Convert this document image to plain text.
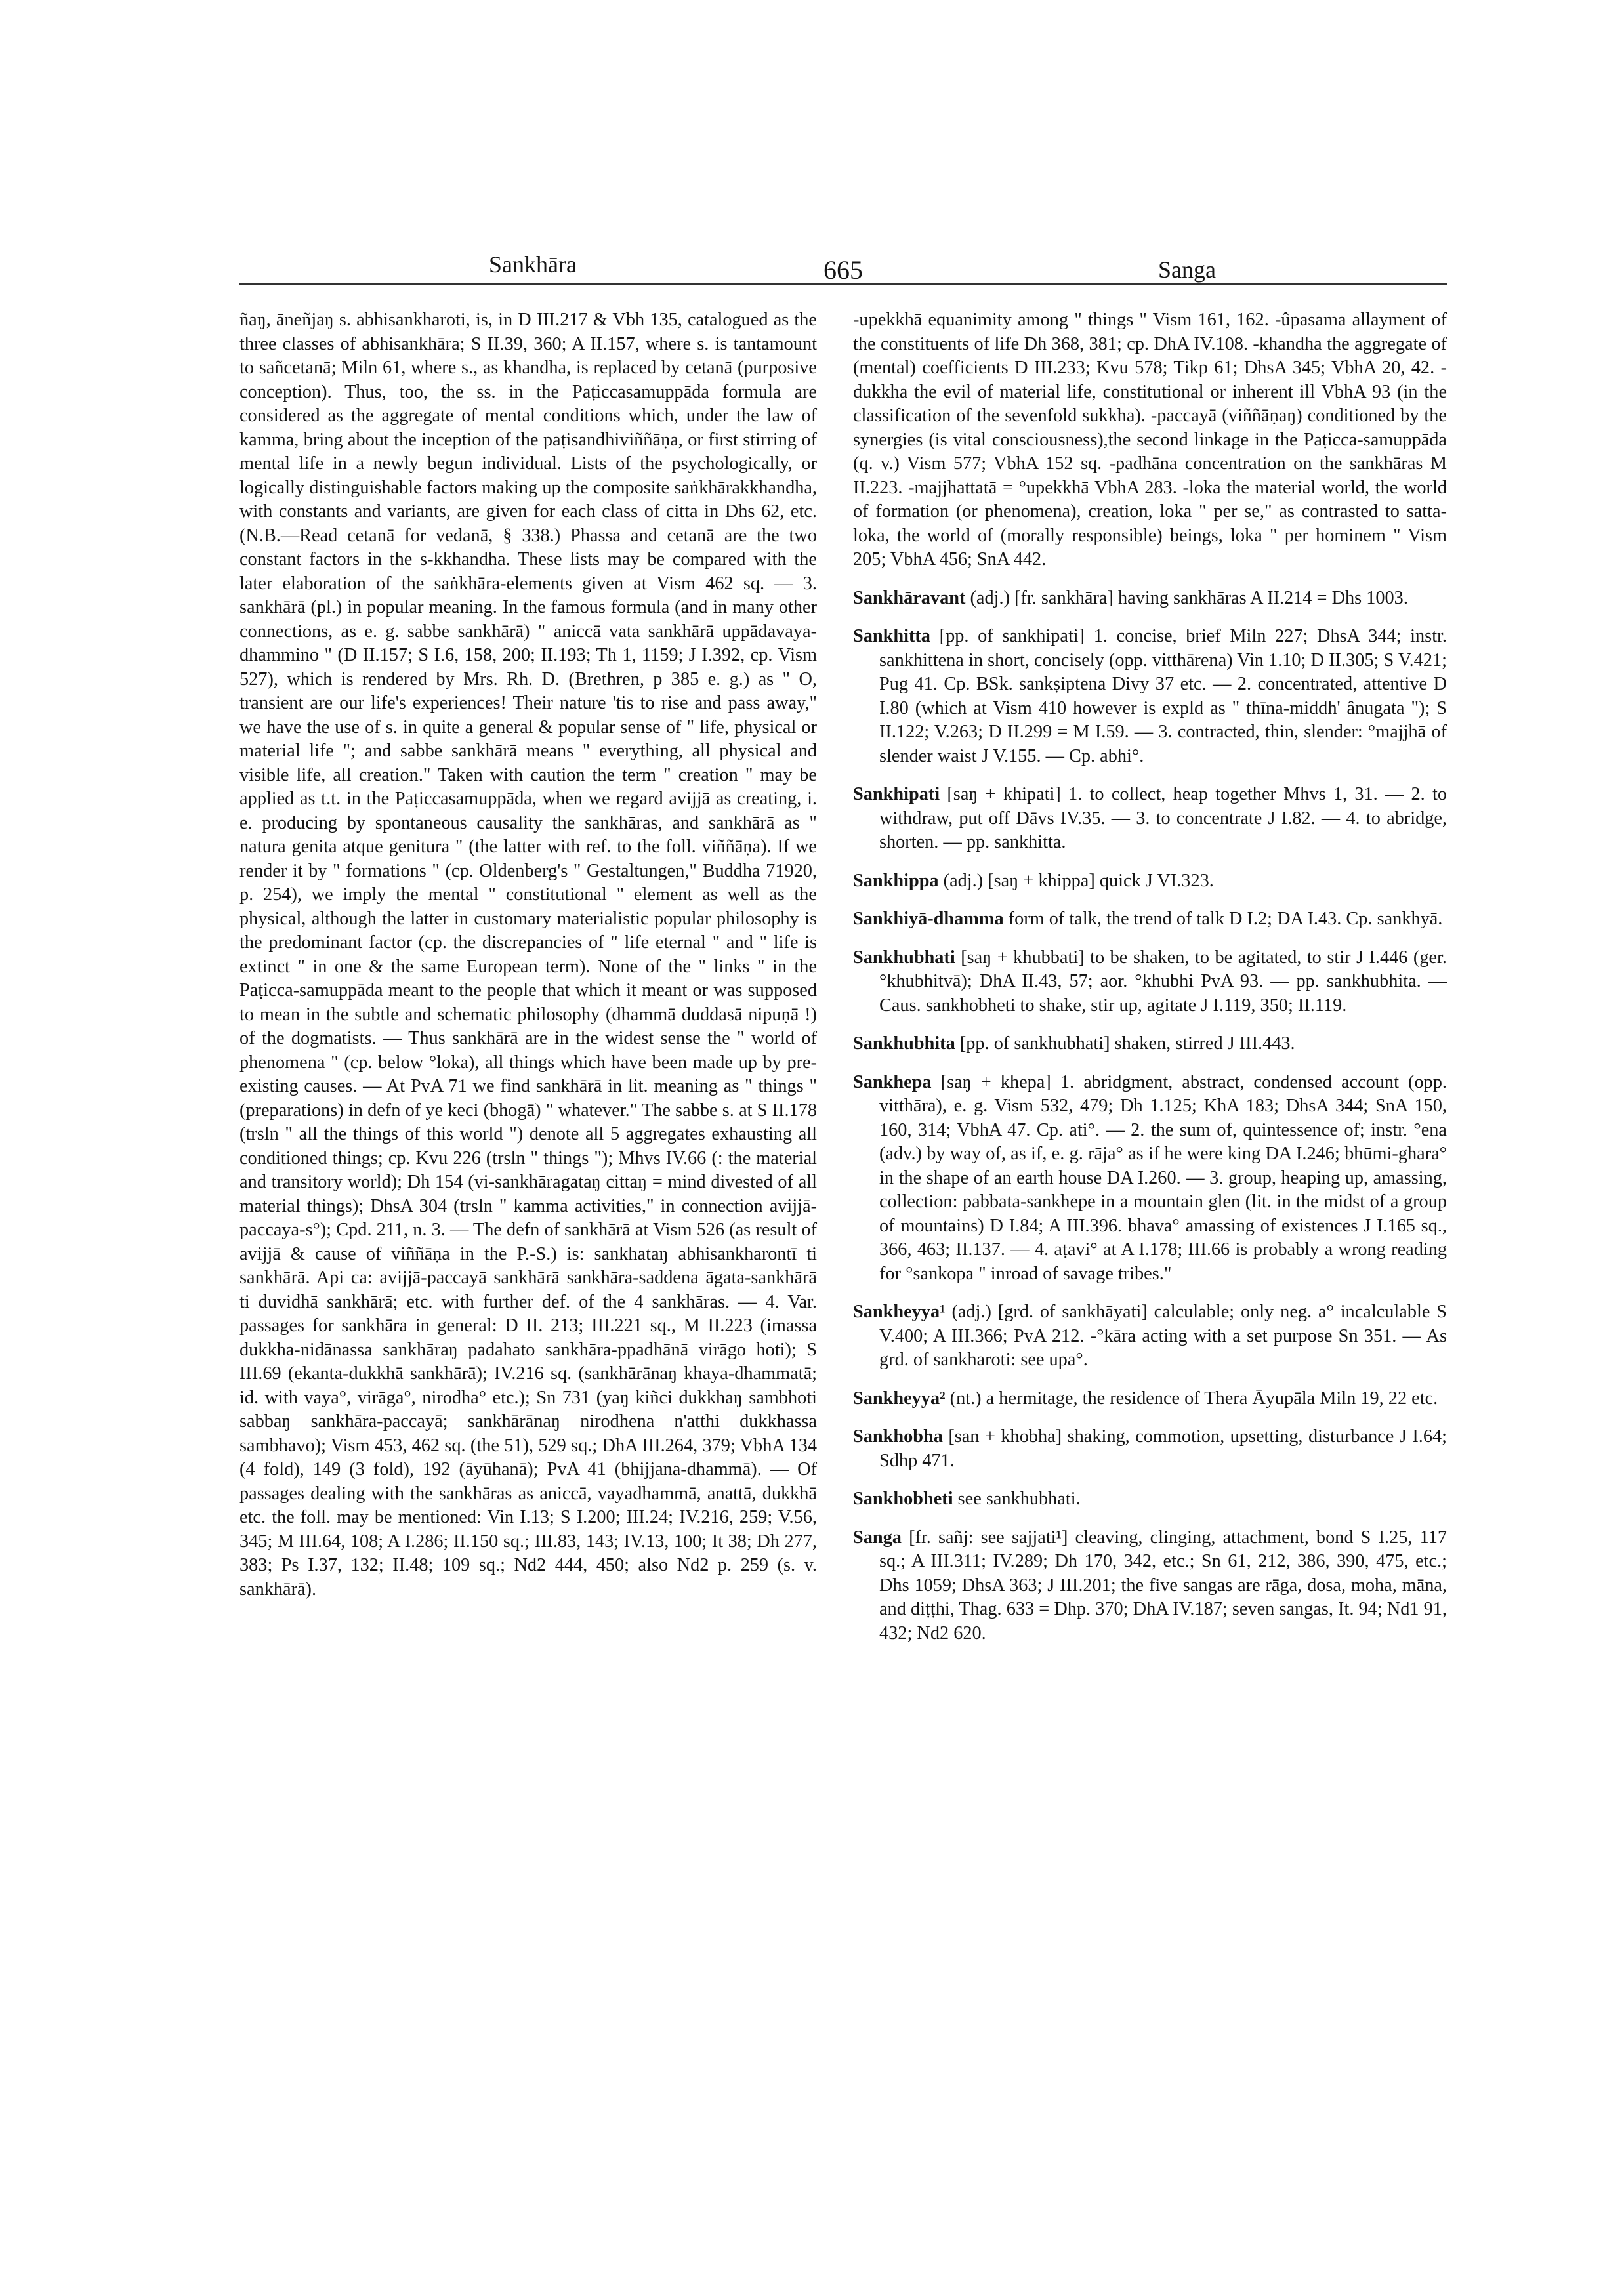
Sankhāra	665	Sanga

ñaŋ, āneñjaŋ s. abhisankharoti, is, in D III.217 & Vbh 135, catalogued as the three classes of abhisankhāra; S II.39, 360; A II.157, where s. is tantamount to sañcetanā; Miln 61, where s., as khandha, is replaced by cetanā (purposive conception). Thus, too, the ss. in the Paṭiccasamuppāda formula are considered as the aggregate of mental conditions which, under the law of kamma, bring about the inception of the paṭisandhiviññāṇa, or first stirring of mental life in a newly begun individual. Lists of the psychologically, or logically distinguishable factors making up the composite saṅkhārakkhandha, with constants and variants, are given for each class of citta in Dhs 62, etc. (N.B.—Read cetanā for vedanā, § 338.) Phassa and cetanā are the two constant factors in the s-kkhandha. These lists may be compared with the later elaboration of the saṅkhāra-elements given at Vism 462 sq. — 3. sankhārā (pl.) in popular meaning. In the famous formula (and in many other connections, as e. g. sabbe sankhārā) " aniccā vata sankhārā uppādavaya-dhammino " (D II.157; S I.6, 158, 200; II.193; Th 1, 1159; J I.392, cp. Vism 527), which is rendered by Mrs. Rh. D. (Brethren, p 385 e. g.) as " O, transient are our life's experiences! Their nature 'tis to rise and pass away," we have the use of s. in quite a general & popular sense of " life, physical or material life "; and sabbe sankhārā means " everything, all physical and visible life, all creation." Taken with caution the term " creation " may be applied as t.t. in the Paṭiccasamuppāda, when we regard avijjā as creating, i. e. producing by spontaneous causality the sankhāras, and sankhārā as " natura genita atque genitura " (the latter with ref. to the foll. viññāṇa). If we render it by " formations " (cp. Oldenberg's " Gestaltungen," Buddha 71920, p. 254), we imply the mental " constitutional " element as well as the physical, although the latter in customary materialistic popular philosophy is the predominant factor (cp. the discrepancies of " life eternal " and " life is extinct " in one & the same European term). None of the " links " in the Paṭicca-samuppāda meant to the people that which it meant or was supposed to mean in the subtle and schematic philosophy (dhammā duddasā nipuṇā !) of the dogmatists. — Thus sankhārā are in the widest sense the " world of phenomena " (cp. below °loka), all things which have been made up by pre-existing causes. — At PvA 71 we find sankhārā in lit. meaning as " things " (preparations) in defn of ye keci (bhogā) " whatever." The sabbe s. at S II.178 (trsln " all the things of this world ") denote all 5 aggregates exhausting all conditioned things; cp. Kvu 226 (trsln " things "); Mhvs IV.66 (: the material and transitory world); Dh 154 (vi-sankhāragataŋ cittaŋ = mind divested of all material things); DhsA 304 (trsln " kamma activities," in connection avijjā-paccaya-s°); Cpd. 211, n. 3. — The defn of sankhārā at Vism 526 (as result of avijjā & cause of viññāṇa in the P.-S.) is: sankhataŋ abhisankharontī ti sankhārā. Api ca: avijjā-paccayā sankhārā sankhāra-saddena āgata-sankhārā ti duvidhā sankhārā; etc. with further def. of the 4 sankhāras. — 4. Var. passages for sankhāra in general: D II. 213; III.221 sq., M II.223 (imassa dukkha-nidānassa sankhāraŋ padahato sankhāra-ppadhānā virāgo hoti); S III.69 (ekanta-dukkhā sankhārā); IV.216 sq. (sankhārānaŋ khaya-dhammatā; id. with vaya°, virāga°, nirodha° etc.); Sn 731 (yaŋ kiñci dukkhaŋ sambhoti sabbaŋ sankhāra-paccayā; sankhārānaŋ nirodhena n'atthi dukkhassa sambhavo); Vism 453, 462 sq. (the 51), 529 sq.; DhA III.264, 379; VbhA 134 (4 fold), 149 (3 fold), 192 (āyūhanā); PvA 41 (bhijjana-dhammā). — Of passages dealing with the sankhāras as aniccā, vayadhammā, anattā, dukkhā etc. the foll. may be mentioned: Vin I.13; S I.200; III.24; IV.216, 259; V.56, 345; M III.64, 108; A I.286; II.150 sq.; III.83, 143; IV.13, 100; It 38; Dh 277, 383; Ps I.37, 132; II.48; 109 sq.; Nd2 444, 450; also Nd2 p. 259 (s. v. sankhārā).

-upekkhā equanimity among " things " Vism 161, 162. -ûpasama allayment of the constituents of life Dh 368, 381; cp. DhA IV.108. -khandha the aggregate of (mental) coefficients D III.233; Kvu 578; Tikp 61; DhsA 345; VbhA 20, 42. -dukkha the evil of material life, constitutional or inherent ill VbhA 93 (in the classification of the sevenfold sukkha). -paccayā (viññāṇaŋ) conditioned by the synergies (is vital consciousness),the second linkage in the Paṭicca-samuppāda (q. v.) Vism 577; VbhA 152 sq. -padhāna concentration on the sankhāras M II.223. -majjhattatā = °upekkhā VbhA 283. -loka the material world, the world of formation (or phenomena), creation, loka " per se," as contrasted to satta-loka, the world of (morally responsible) beings, loka " per hominem " Vism 205; VbhA 456; SnA 442.

Sankhāravant (adj.) [fr. sankhāra] having sankhāras A II.214 = Dhs 1003.

Sankhitta [pp. of sankhipati] 1. concise, brief Miln 227; DhsA 344; instr. sankhittena in short, concisely (opp. vitthārena) Vin 1.10; D II.305; S V.421; Pug 41. Cp. BSk. sankṣiptena Divy 37 etc. — 2. concentrated, attentive D I.80 (which at Vism 410 however is expld as " thīna-middh' ânugata "); S II.122; V.263; D II.299 = M I.59. — 3. contracted, thin, slender: °majjhā of slender waist J V.155. — Cp. abhi°.

Sankhipati [saŋ + khipati] 1. to collect, heap together Mhvs 1, 31. — 2. to withdraw, put off Dāvs IV.35. — 3. to concentrate J I.82. — 4. to abridge, shorten. — pp. sankhitta.

Sankhippa (adj.) [saŋ + khippa] quick J VI.323.

Sankhiyā-dhamma form of talk, the trend of talk D I.2; DA I.43. Cp. sankhyā.

Sankhubhati [saŋ + khubbati] to be shaken, to be agitated, to stir J I.446 (ger. °khubhitvā); DhA II.43, 57; aor. °khubhi PvA 93. — pp. sankhubhita. — Caus. sankhobheti to shake, stir up, agitate J I.119, 350; II.119.

Sankhubhita [pp. of sankhubhati] shaken, stirred J III.443.

Sankhepa [saŋ + khepa] 1. abridgment, abstract, condensed account (opp. vitthāra), e. g. Vism 532, 479; Dh 1.125; KhA 183; DhsA 344; SnA 150, 160, 314; VbhA 47. Cp. ati°. — 2. the sum of, quintessence of; instr. °ena (adv.) by way of, as if, e. g. rāja° as if he were king DA I.246; bhūmi-ghara° in the shape of an earth house DA I.260. — 3. group, heaping up, amassing, collection: pabbata-sankhepe in a mountain glen (lit. in the midst of a group of mountains) D I.84; A III.396. bhava° amassing of existences J I.165 sq., 366, 463; II.137. — 4. aṭavi° at A I.178; III.66 is probably a wrong reading for °sankopa " inroad of savage tribes."

Sankheyya¹ (adj.) [grd. of sankhāyati] calculable; only neg. a° incalculable S V.400; A III.366; PvA 212. -°kāra acting with a set purpose Sn 351. — As grd. of sankharoti: see upa°.

Sankheyya² (nt.) a hermitage, the residence of Thera Āyupāla Miln 19, 22 etc.

Sankhobha [san + khobha] shaking, commotion, upsetting, disturbance J I.64; Sdhp 471.

Sankhobheti see sankhubhati.

Sanga [fr. sañj: see sajjati¹] cleaving, clinging, attachment, bond S I.25, 117 sq.; A III.311; IV.289; Dh 170, 342, etc.; Sn 61, 212, 386, 390, 475, etc.; Dhs 1059; DhsA 363; J III.201; the five sangas are rāga, dosa, moha, māna, and diṭṭhi, Thag. 633 = Dhp. 370; DhA IV.187; seven sangas, It. 94; Nd1 91, 432; Nd2 620.
